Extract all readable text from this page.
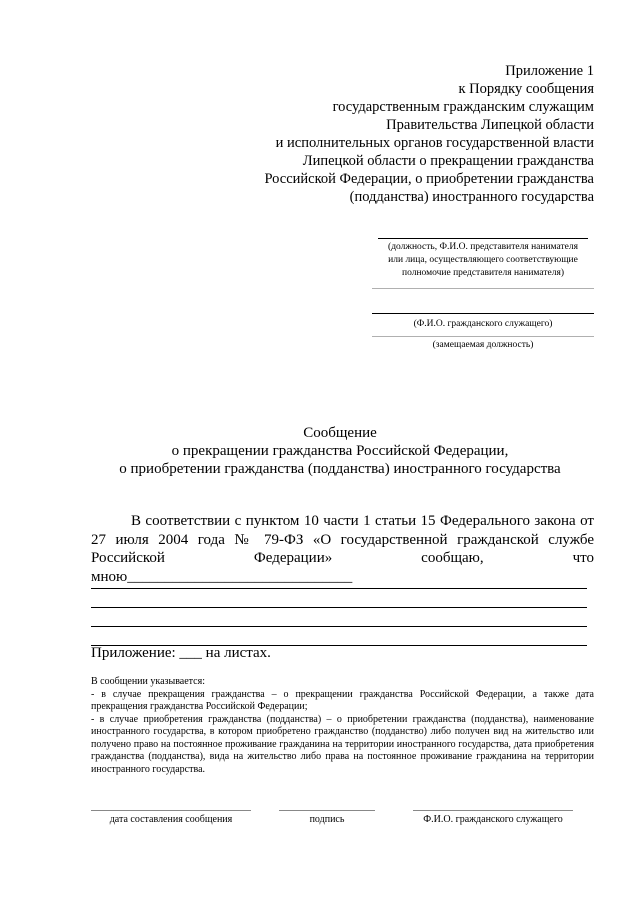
Приложение 1
к Порядку сообщения
государственным гражданским служащим
Правительства Липецкой области
и исполнительных органов государственной власти
Липецкой области о прекращении гражданства
Российской Федерации, о приобретении гражданства
(подданства) иностранного государства
(должность, Ф.И.О. представителя нанимателя
или лица, осуществляющего соответствующие
полномочие представителя нанимателя)
(Ф.И.О. гражданского служащего)
(замещаемая должность)
Сообщение
о прекращении гражданства Российской Федерации,
о приобретении гражданства (подданства) иностранного государства
В соответствии с пунктом 10 части 1 статьи 15 Федерального закона от 27 июля 2004 года № 79-ФЗ «О государственной гражданской службе Российской Федерации» сообщаю, что мною______________________________
Приложение: ___ на листах.

В сообщении указывается:

- в случае прекращения гражданства – о прекращении гражданства Российской Федерации, а также дата прекращения гражданства Российской Федерации;

- в случае приобретения гражданства (подданства) – о приобретении гражданства (подданства), наименование иностранного государства, в котором приобретено гражданство (подданство) либо получен вид на жительство или получено право на постоянное проживание гражданина на территории иностранного государства, дата приобретения гражданства (подданства), вида на жительство либо права на постоянное проживание гражданина на территории иностранного государства.

дата составления сообщения	подпись	Ф.И.О. гражданского служащего
